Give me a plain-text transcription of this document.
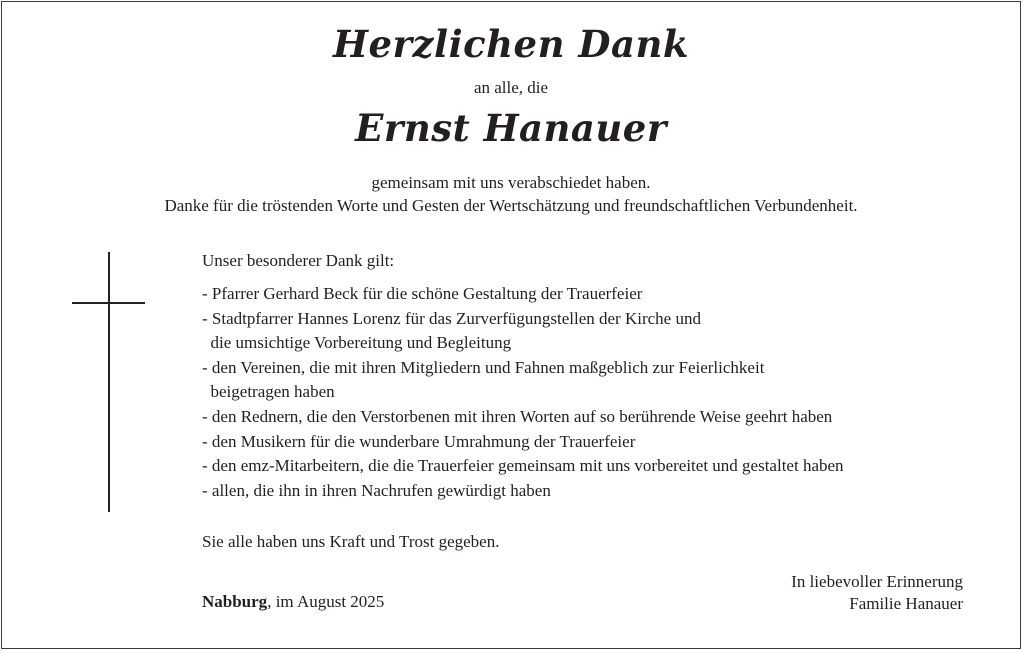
Herzlichen Dank
an alle, die
Ernst Hanauer
gemeinsam mit uns verabschiedet haben.
Danke für die tröstenden Worte und Gesten der Wertschätzung und freundschaftlichen Verbundenheit.
Unser besonderer Dank gilt:
- Pfarrer Gerhard Beck für die schöne Gestaltung der Trauerfeier
- Stadtpfarrer Hannes Lorenz für das Zurverfügungstellen der Kirche und
die umsichtige Vorbereitung und Begleitung
- den Vereinen, die mit ihren Mitgliedern und Fahnen maßgeblich zur Feierlichkeit
beigetragen haben
- den Rednern, die den Verstorbenen mit ihren Worten auf so berührende Weise geehrt haben
- den Musikern für die wunderbare Umrahmung der Trauerfeier
- den emz-Mitarbeitern, die die Trauerfeier gemeinsam mit uns vorbereitet und gestaltet haben
- allen, die ihn in ihren Nachrufen gewürdigt haben
Sie alle haben uns Kraft und Trost gegeben.
Nabburg, im August 2025
In liebevoller Erinnerung
Familie Hanauer
